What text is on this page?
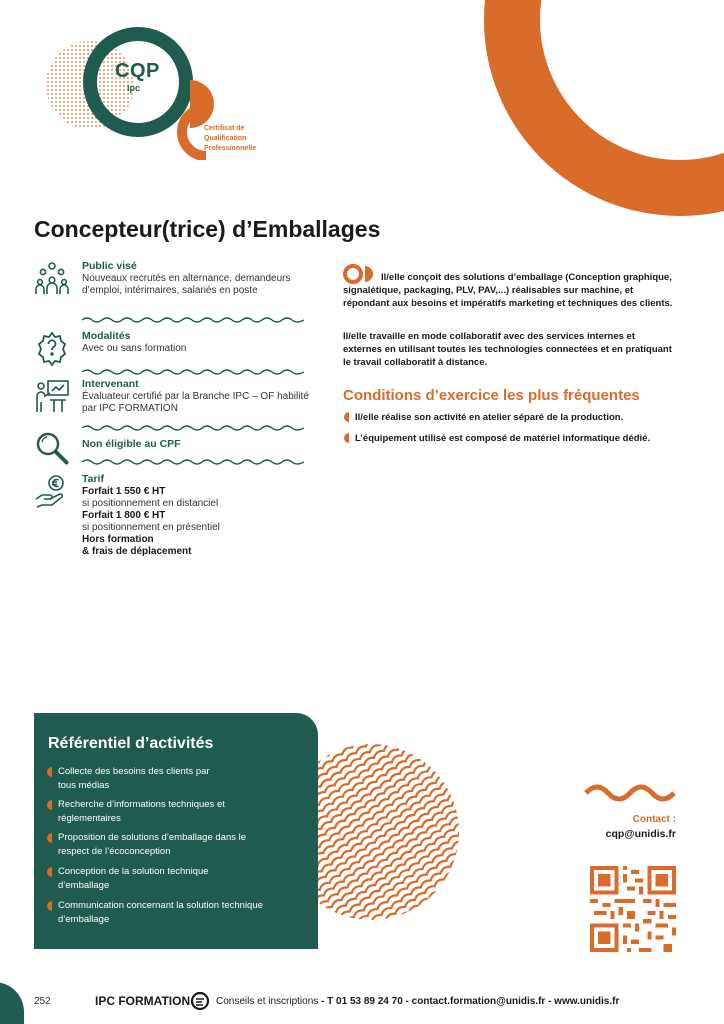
CQP
ipc
Certificat de
Qualification
Professionnelle
Concepteur(trice) d’Emballages
Public visé
Nouveaux recrutés en alternance, demandeurs d’emploi, intérimaires, salariés en poste
Modalités
Avec ou sans formation
Intervenant
Évaluateur certifié par la Branche IPC – OF habilité par IPC FORMATION
Non éligible au CPF
Tarif
Forfait 1 550 € HT
si positionnement en distanciel
Forfait 1 800 € HT
si positionnement en présentiel
Hors formation
& frais de déplacement
Il/elle conçoit des solutions d’emballage (Conception graphique, signalétique, packaging, PLV, PAV,...) réalisables sur machine, et répondant aux besoins et impératifs marketing et techniques des clients.
Il/elle travaille en mode collaboratif avec des services internes et externes en utilisant toutes les technologies connectées et en pratiquant le travail collaboratif à distance.
Conditions d’exercice les plus fréquentes
Il/elle réalise son activité en atelier séparé de la production.
L’équipement utilisé est composé de matériel informatique dédié.
Référentiel d’activités
Collecte des besoins des clients par tous médias
Recherche d’informations techniques et réglementaires
Proposition de solutions d’emballage dans le respect de l’écoconception
Conception de la solution technique d’emballage
Communication concernant la solution technique d’emballage
Contact :
cqp@unidis.fr
252	IPC FORMATION	Conseils et inscriptions - T 01 53 89 24 70 - contact.formation@unidis.fr - www.unidis.fr
